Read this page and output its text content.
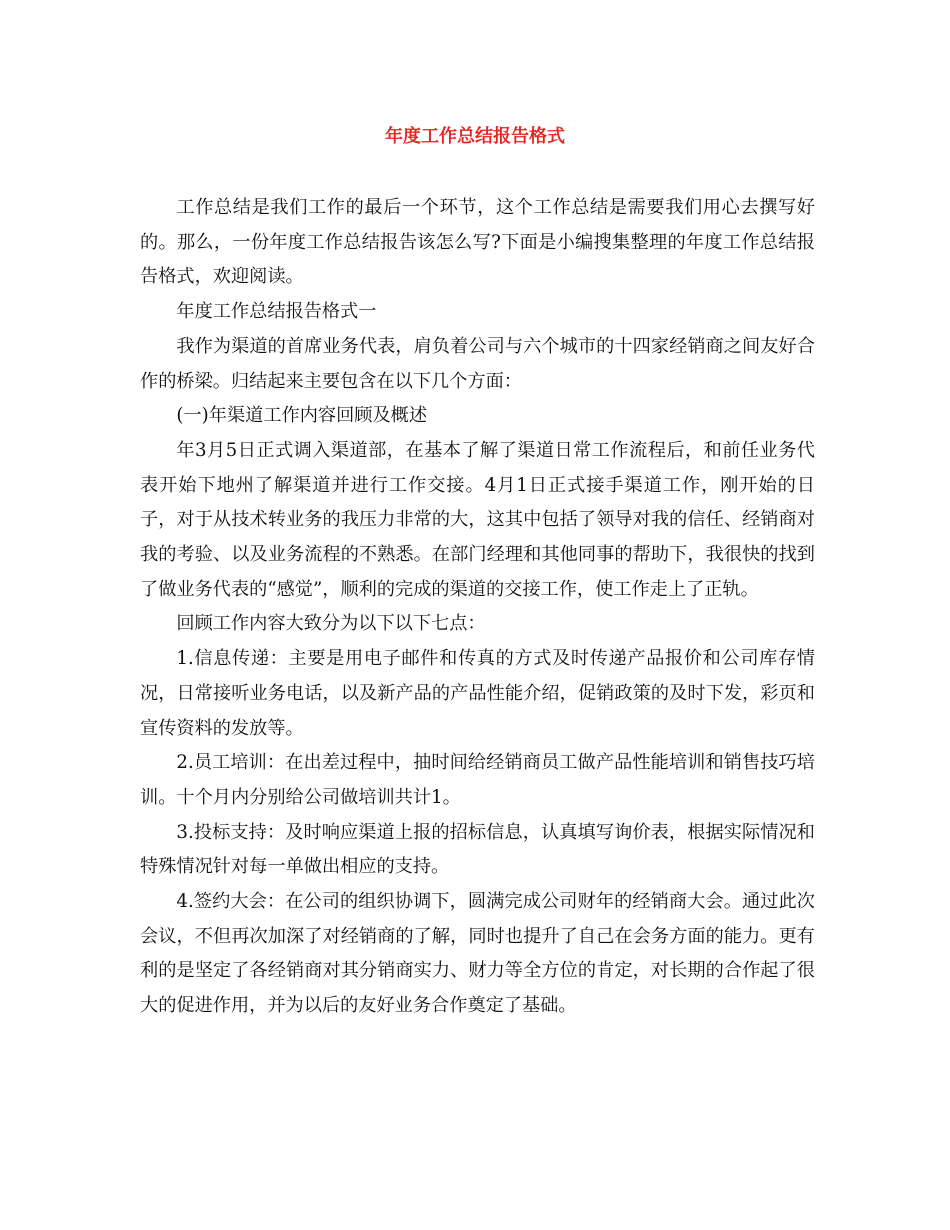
年度工作总结报告格式

工作总结是我们工作的最后一个环节，这个工作总结是需要我们用心去撰写好的。那么，一份年度工作总结报告该怎么写?下面是小编搜集整理的年度工作总结报告格式，欢迎阅读。

年度工作总结报告格式一

我作为渠道的首席业务代表，肩负着公司与六个城市的十四家经销商之间友好合作的桥梁。归结起来主要包含在以下几个方面：

(一)年渠道工作内容回顾及概述

年3月5日正式调入渠道部，在基本了解了渠道日常工作流程后，和前任业务代表开始下地州了解渠道并进行工作交接。4月1日正式接手渠道工作，刚开始的日子，对于从技术转业务的我压力非常的大，这其中包括了领导对我的信任、经销商对我的考验、以及业务流程的不熟悉。在部门经理和其他同事的帮助下，我很快的找到了做业务代表的“感觉”，顺利的完成的渠道的交接工作，使工作走上了正轨。

回顾工作内容大致分为以下以下七点：

1.信息传递：主要是用电子邮件和传真的方式及时传递产品报价和公司库存情况，日常接听业务电话，以及新产品的产品性能介绍，促销政策的及时下发，彩页和宣传资料的发放等。

2.员工培训：在出差过程中，抽时间给经销商员工做产品性能培训和销售技巧培训。十个月内分别给公司做培训共计1。

3.投标支持：及时响应渠道上报的招标信息，认真填写询价表，根据实际情况和特殊情况针对每一单做出相应的支持。

4.签约大会：在公司的组织协调下，圆满完成公司财年的经销商大会。通过此次会议，不但再次加深了对经销商的了解，同时也提升了自己在会务方面的能力。更有利的是坚定了各经销商对其分销商实力、财力等全方位的肯定，对长期的合作起了很大的促进作用，并为以后的友好业务合作奠定了基础。
